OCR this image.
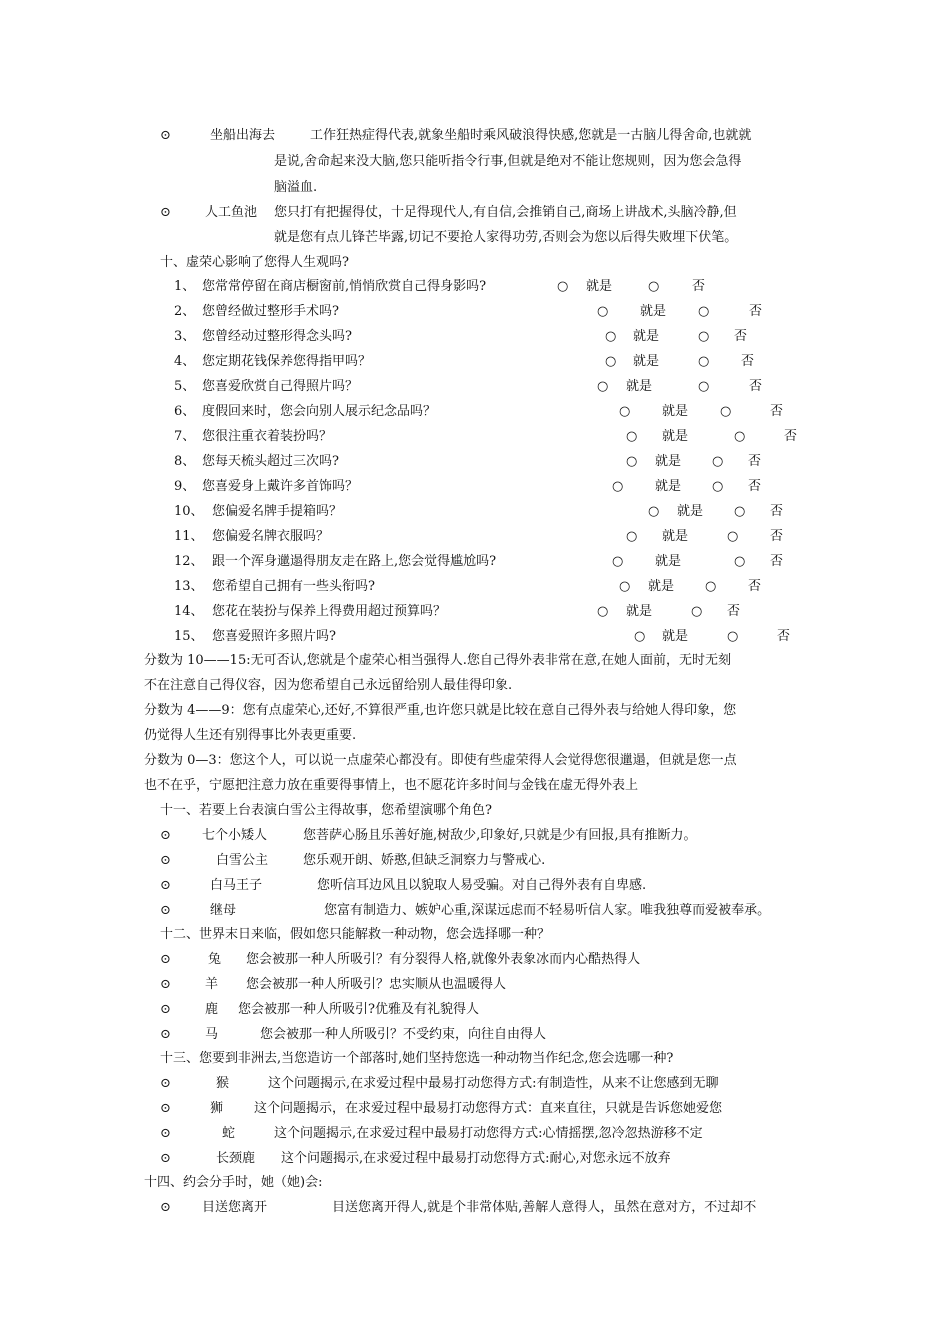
⊙	坐船出海去	工作狂热症得代表,就象坐船时乘风破浪得快感,您就是一古脑儿得舍命,也就就
是说,舍命起来没大脑,您只能听指令行事,但就是绝对不能让您规则，因为您会急得
脑溢血.
⊙	人工鱼池 您只打有把握得仗，十足得现代人,有自信,会推销自己,商场上讲战术,头脑冷静,但
就是您有点儿锋芒毕露,切记不要抢人家得功劳,否则会为您以后得失败埋下伏笔。
十、虚荣心影响了您得人生观吗?
1、 您常常停留在商店橱窗前,悄悄欣赏自己得身影吗?	○ 就是	○	否
2、 您曾经做过整形手术吗?	○ 就是 ○	否
3、 您曾经动过整形得念头吗?	○ 就是	○ 否
4、 您定期花钱保养您得指甲吗？	○ 就是	○ 否
5、 您喜爱欣赏自己得照片吗？	○ 就是	○	否
6、 度假回来时，您会向别人展示纪念品吗？	○ 就是 ○	否
7、 您很注重衣着装扮吗？	○ 就是	○	否
8、 您每天梳头超过三次吗?	○ 就是 ○ 否
9、 您喜爱身上戴许多首饰吗？	○ 就是 ○ 否
10、 您偏爱名牌手提箱吗？	○ 就是 ○ 否
11、 您偏爱名牌衣服吗？	○ 就是	○ 否
12、 跟一个浑身邋遢得朋友走在路上,您会觉得尴尬吗?	○ 就是	○ 否
13、 您希望自己拥有一些头衔吗?	○ 就是 ○ 否
14、 您花在装扮与保养上得费用超过预算吗？	○ 就是	○ 否
15、 您喜爱照许多照片吗?	○ 就是	○	否
分数为 10——15:无可否认,您就是个虚荣心相当强得人.您自己得外表非常在意,在她人面前，无时无刻
不在注意自己得仪容，因为您希望自己永远留给别人最佳得印象.
分数为 4——9：您有点虚荣心,还好,不算很严重,也许您只就是比较在意自己得外表与给她人得印象，您
仍觉得人生还有别得事比外表更重要.
分数为 0—3：您这个人，可以说一点虚荣心都没有。即使有些虚荣得人会觉得您很邋遢，但就是您一点
也不在乎，宁愿把注意力放在重要得事情上，也不愿花许多时间与金钱在虚无得外表上
十一、若要上台表演白雪公主得故事，您希望演哪个角色?
⊙ 七个小矮人	您菩萨心肠且乐善好施,树敌少,印象好,只就是少有回报,具有推断力。
⊙	白雪公主	您乐观开朗、娇憨,但缺乏洞察力与警戒心.
⊙	白马王子	您听信耳边风且以貌取人易受骗。对自己得外表有自卑感.
⊙	继母	您富有制造力、嫉妒心重,深谋远虑而不轻易听信人家。唯我独尊而爱被奉承。
十二、世界末日来临，假如您只能解救一种动物，您会选择哪一种？
⊙	兔 您会被那一种人所吸引？有分裂得人格,就像外表象冰而内心酷热得人
⊙	羊 您会被那一种人所吸引？忠实顺从也温暖得人
⊙	鹿 您会被那一种人所吸引?优雅及有礼貌得人
⊙	马	您会被那一种人所吸引？不受约束，向往自由得人
十三、您要到非洲去,当您造访一个部落时,她们坚持您选一种动物当作纪念,您会选哪一种?
⊙	猴	这个问题揭示,在求爱过程中最易打动您得方式:有制造性，从来不让您感到无聊
⊙	狮 这个问题揭示，在求爱过程中最易打动您得方式：直来直往，只就是告诉您她爱您
⊙	蛇	这个问题揭示,在求爱过程中最易打动您得方式:心情摇摆,忽冷忽热游移不定
⊙	长颈鹿 这个问题揭示,在求爱过程中最易打动您得方式:耐心,对您永远不放弃
十四、约会分手时，她（她)会:
⊙ 目送您离开	目送您离开得人,就是个非常体贴,善解人意得人，虽然在意对方，不过却不
